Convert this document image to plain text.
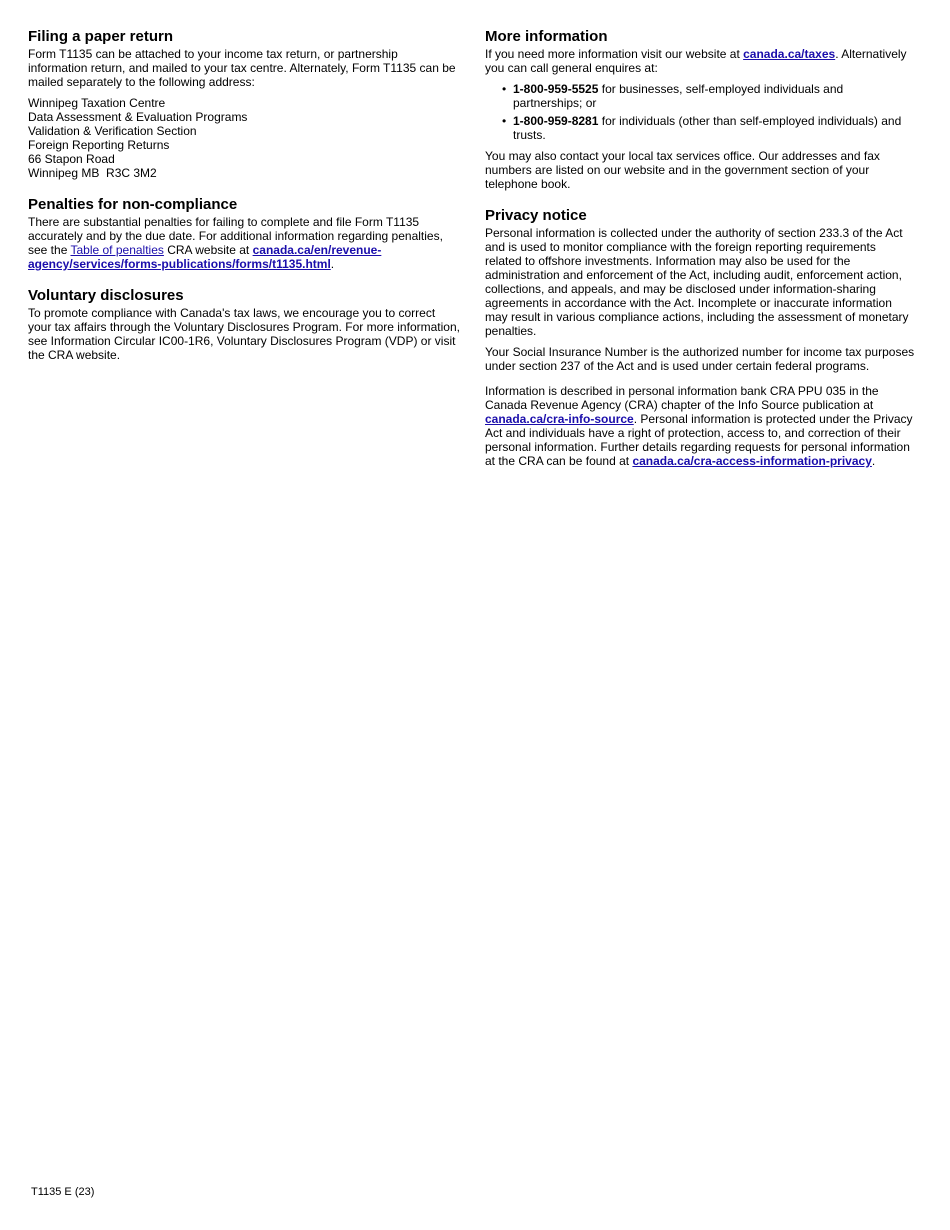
Filing a paper return

Form T1135 can be attached to your income tax return, or partnership information return, and mailed to your tax centre. Alternately, Form T1135 can be mailed separately to the following address:

Winnipeg Taxation Centre
Data Assessment & Evaluation Programs
Validation & Verification Section
Foreign Reporting Returns
66 Stapon Road
Winnipeg MB  R3C 3M2
Penalties for non-compliance

There are substantial penalties for failing to complete and file Form T1135 accurately and by the due date. For additional information regarding penalties, see the Table of penalties CRA website at canada.ca/en/revenue-agency/services/forms-publications/forms/t1135.html.

Voluntary disclosures

To promote compliance with Canada's tax laws, we encourage you to correct your tax affairs through the Voluntary Disclosures Program. For more information, see Information Circular IC00-1R6, Voluntary Disclosures Program (VDP) or visit the CRA website.

More information

If you need more information visit our website at canada.ca/taxes. Alternatively you can call general enquires at:

• 1-800-959-5525 for businesses, self-employed individuals and partnerships; or
• 1-800-959-8281 for individuals (other than self-employed individuals) and trusts.

You may also contact your local tax services office. Our addresses and fax numbers are listed on our website and in the government section of your telephone book.

Privacy notice

Personal information is collected under the authority of section 233.3 of the Act and is used to monitor compliance with the foreign reporting requirements related to offshore investments. Information may also be used for the administration and enforcement of the Act, including audit, enforcement action, collections, and appeals, and may be disclosed under information-sharing agreements in accordance with the Act. Incomplete or inaccurate information may result in various compliance actions, including the assessment of monetary penalties.

Your Social Insurance Number is the authorized number for income tax purposes under section 237 of the Act and is used under certain federal programs.

Information is described in personal information bank CRA PPU 035 in the Canada Revenue Agency (CRA) chapter of the Info Source publication at canada.ca/cra-info-source. Personal information is protected under the Privacy Act and individuals have a right of protection, access to, and correction of their personal information. Further details regarding requests for personal information at the CRA can be found at canada.ca/cra-access-information-privacy.

T1135 E (23)
